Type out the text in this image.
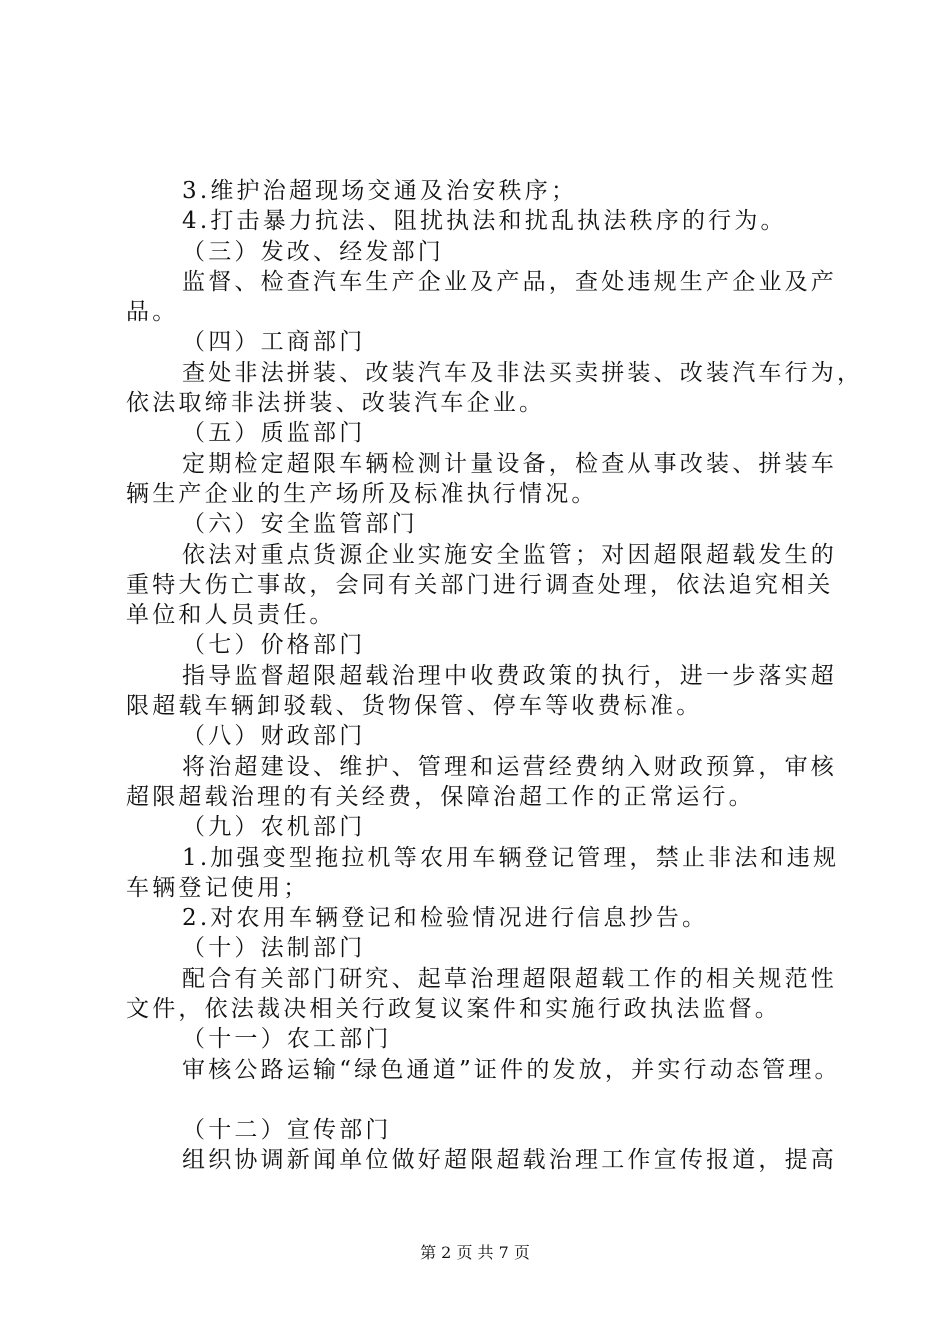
3.维护治超现场交通及治安秩序；
4.打击暴力抗法、阻扰执法和扰乱执法秩序的行为。
（三）发改、经发部门
监督、检查汽车生产企业及产品，查处违规生产企业及产
品。
（四）工商部门
查处非法拼装、改装汽车及非法买卖拼装、改装汽车行为，
依法取缔非法拼装、改装汽车企业。
（五）质监部门
定期检定超限车辆检测计量设备，检查从事改装、拼装车
辆生产企业的生产场所及标准执行情况。
（六）安全监管部门
依法对重点货源企业实施安全监管；对因超限超载发生的
重特大伤亡事故，会同有关部门进行调查处理，依法追究相关
单位和人员责任。
（七）价格部门
指导监督超限超载治理中收费政策的执行，进一步落实超
限超载车辆卸驳载、货物保管、停车等收费标准。
（八）财政部门
将治超建设、维护、管理和运营经费纳入财政预算，审核
超限超载治理的有关经费，保障治超工作的正常运行。
（九）农机部门
1.加强变型拖拉机等农用车辆登记管理，禁止非法和违规
车辆登记使用；
2.对农用车辆登记和检验情况进行信息抄告。
（十）法制部门
配合有关部门研究、起草治理超限超载工作的相关规范性
文件，依法裁决相关行政复议案件和实施行政执法监督。
（十一）农工部门
审核公路运输“绿色通道”证件的发放，并实行动态管理。
（十二）宣传部门
组织协调新闻单位做好超限超载治理工作宣传报道，提高
第 2 页 共 7 页
